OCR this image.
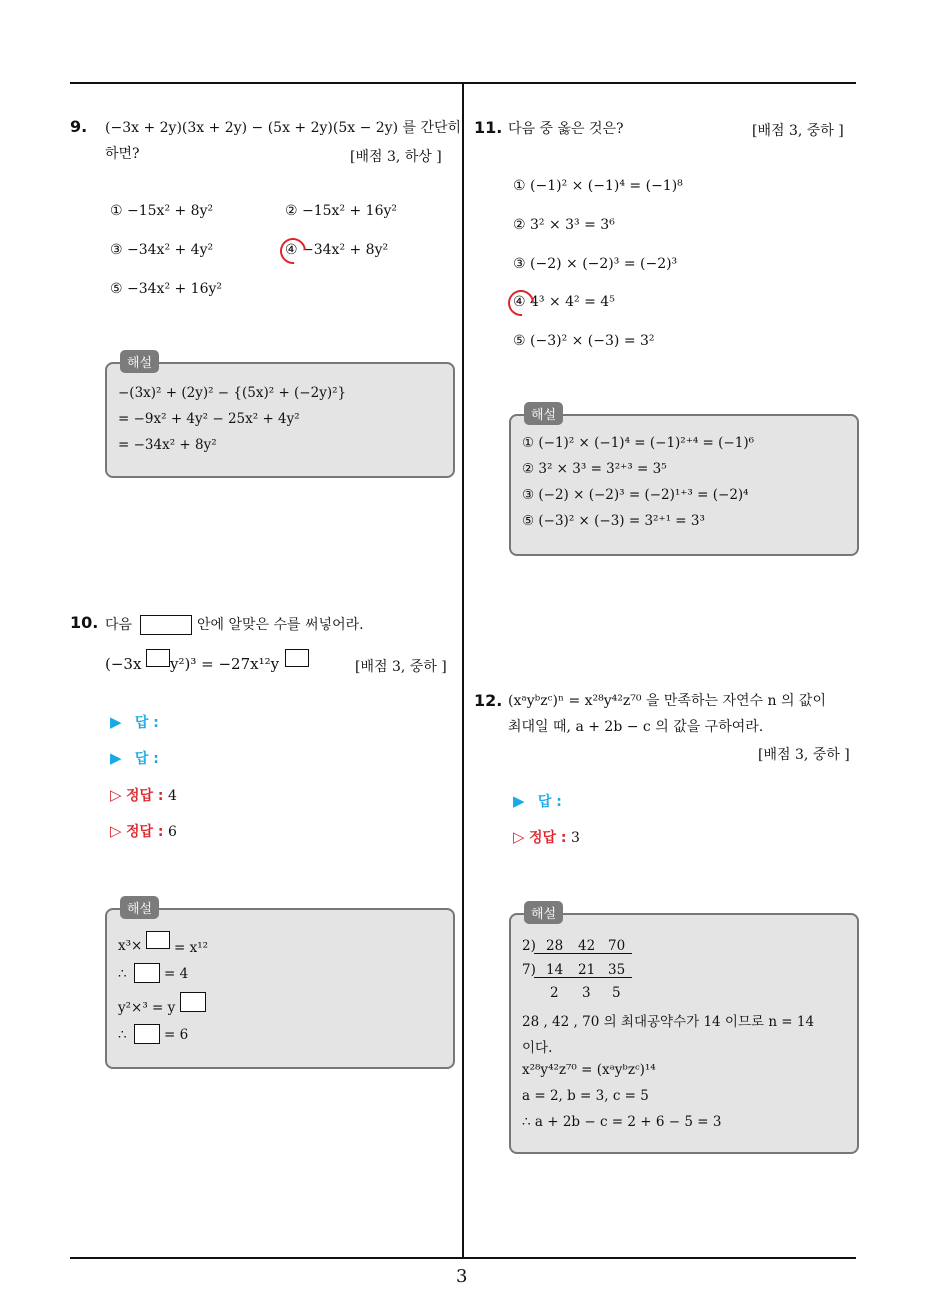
3
9. (−3x + 2y)(3x + 2y) − (5x + 2y)(5x − 2y) 를 간단히
하면?	[배점 3, 하상 ]
① −15x² + 8y²	② −15x² + 16y²
③ −34x² + 4y²	④ −34x² + 8y²
⑤ −34x² + 16y²
해설
−(3x)² + (2y)² − {(5x)² + (−2y)²}
= −9x² + 4y² − 25x² + 4y²
= −34x² + 8y²
10. 다음	안에 알맞은 수를 써넣어라.
(−3x y²)³ = −27x¹²y	[배점 3, 중하 ]
▶ 답 :
▶ 답 :
▷ 정답 : 4
▷ 정답 : 6
해설
x³× = x¹²
∴	= 4
y²×³ = y
∴	= 6
11. 다음 중 옳은 것은?	[배점 3, 중하 ]
① (−1)² × (−1)⁴ = (−1)⁸
② 3² × 3³ = 3⁶
③ (−2) × (−2)³ = (−2)³
④ 4³ × 4² = 4⁵
⑤ (−3)² × (−3) = 3²
해설
① (−1)² × (−1)⁴ = (−1)²⁺⁴ = (−1)⁶
② 3² × 3³ = 3²⁺³ = 3⁵
③ (−2) × (−2)³ = (−2)¹⁺³ = (−2)⁴
⑤ (−3)² × (−3) = 3²⁺¹ = 3³
12. (xᵃyᵇzᶜ)ⁿ = x²⁸y⁴²z⁷⁰ 을 만족하는 자연수 n 의 값이
최대일 때, a + 2b − c 의 값을 구하여라.
[배점 3, 중하 ]
▶ 답 :
▷ 정답 : 3
해설
2) 28 42 70
7) 14 21 35
2 3 5
28 , 42 , 70 의 최대공약수가 14 이므로 n = 14
이다.
x²⁸y⁴²z⁷⁰ = (xᵃyᵇzᶜ)¹⁴
a = 2, b = 3, c = 5
∴ a + 2b − c = 2 + 6 − 5 = 3
